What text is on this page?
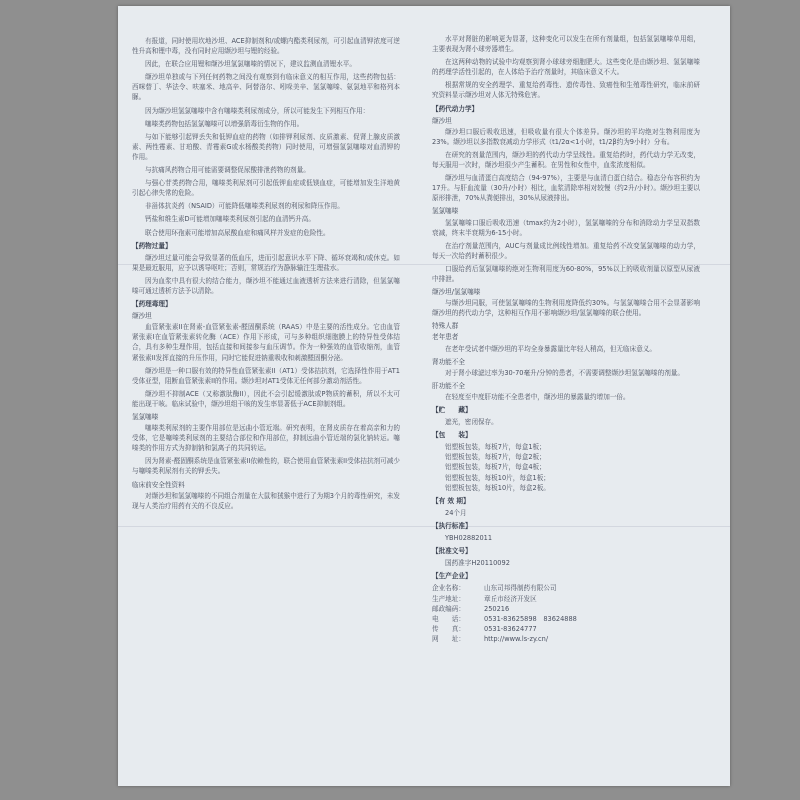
有报道，同时使用坎地沙坦、ACE抑制剂和/或螺内酯类利尿剂，可引起血清钾浓度可逆性升高和锂中毒，没有同时应用缬沙坦与锂的经验。

因此，在联合应用锂和缬沙坦氢氯噻嗪的情况下，建议监测血清锂水平。

缬沙坦单独或与下列任何药物之间没有观察到有临床意义的相互作用，这些药物包括：西咪替丁、华法令、呋塞米、地高辛、阿替洛尔、吲哚美辛、氢氯噻嗪、氨氯地平和格列本脲。

因为缬沙坦氢氯噻嗪中含有噻嗪类利尿剂成分，所以可能发生下列相互作用：

噻嗪类药物包括氢氯噻嗪可以增强箭毒衍生物的作用。

与如下能够引起钾丢失和低钾血症的药物（如排钾利尿剂、皮质激素、促肾上腺皮质激素、两性霉素、甘珀酸、青霉素G或水杨酸类药物）同时使用，可增强氢氯噻嗪对血清钾的作用。

与抗痛风药物合用可能需要调整促尿酸排泄药物的剂量。

与强心苷类药物合用，噻嗪类利尿剂可引起低钾血症或低镁血症，可能增加发生洋地黄引起心律失常的危险。

非甾体抗炎药（NSAID）可能降低噻嗪类利尿剂的利尿和降压作用。

钙盐和维生素D可能增加噻嗪类利尿剂引起的血清钙升高。

联合使用环孢素可能增加高尿酸血症和痛风样并发症的危险性。

【药物过量】

缬沙坦过量可能会导致显著的低血压，进而引起意识水平下降、循环衰竭和/或休克。如果是最近服用，应予以诱导呕吐；否则，常规治疗为静脉输注生理盐水。

因为血浆中具有很大的结合能力，缬沙坦不能通过血液透析方法来进行清除，但氢氯噻嗪可通过透析方法予以清除。

【药理毒理】

缬沙坦

血管紧张素II在肾素-血管紧张素-醛固酮系统（RAAS）中是主要的活性成分。它由血管紧张素I在血管紧张素转化酶（ACE）作用下形成，可与多种组织细胞膜上的特异性受体结合，具有多种生理作用，包括直接和间接参与血压调节。作为一种强效的血管收缩剂，血管紧张素II发挥直接的升压作用，同时它能促进钠重吸收和刺激醛固酮分泌。

缬沙坦是一种口服有效的特异性血管紧张素II（AT1）受体拮抗剂，它选择性作用于AT1受体亚型，阻断血管紧张素II的作用。缬沙坦对AT1受体无任何部分激动剂活性。

缬沙坦不抑制ACE（又称激肽酶II），因此不会引起缓激肽或P物质的蓄积，所以不太可能出现干咳。临床试验中，缬沙坦组干咳的发生率显著低于ACE抑制剂组。

氢氯噻嗪

噻嗪类利尿剂的主要作用部位是远曲小管近端。研究表明，在肾皮质存在着高亲和力的受体，它是噻嗪类利尿剂的主要结合部位和作用部位，抑制远曲小管近端的氯化钠转运。噻嗪类的作用方式为抑制钠和氯离子的共同转运。

因为肾素-醛固酮系统是血管紧张素II依赖性的，联合使用血管紧张素II受体拮抗剂可减少与噻嗪类利尿剂有关的钾丢失。

临床前安全性资料

对缬沙坦和氢氯噻嗪的不同组合剂量在大鼠和狨猴中进行了为期3个月的毒性研究，未发现与人类治疗用药有关的不良反应。

水平对肾脏的影响更为显著，这种变化可以发生在所有剂量组，包括氢氯噻嗪单用组，主要表现为肾小球旁器增生。

在这两种动物的试验中均观察到肾小球球旁细胞肥大。这些变化是由缬沙坦、氢氯噻嗪的药理学活性引起的，在人体给予治疗剂量时，其临床意义不大。

根据常规的安全药理学、重复给药毒性、遗传毒性、致癌性和生殖毒性研究，临床前研究资料显示缬沙坦对人体无特殊危害。

【药代动力学】

缬沙坦

缬沙坦口服后吸收迅速，但吸收量有很大个体差异。缬沙坦的平均绝对生物利用度为23%。缬沙坦以多指数衰减动力学形式（t1/2α<1小时，t1/2β约为9小时）分布。

在研究的剂量范围内，缬沙坦的药代动力学呈线性。重复给药时，药代动力学无改变，每天服用一次时，缬沙坦很少产生蓄积。在男性和女性中，血浆浓度相似。

缬沙坦与血清蛋白高度结合（94-97%），主要是与血清白蛋白结合。稳态分布容积约为17升。与肝血流量（30升/小时）相比，血浆清除率相对较慢（约2升/小时）。缬沙坦主要以原形排泄，70%从粪便排出，30%从尿液排出。

氢氯噻嗪

氢氯噻嗪口服后吸收迅速（tmax约为2小时），氢氯噻嗪的分布和消除动力学呈双指数衰减，终末半衰期为6-15小时。

在治疗剂量范围内，AUC与剂量成比例线性增加。重复给药不改变氢氯噻嗪的动力学，每天一次给药时蓄积很少。

口服给药后氢氯噻嗪的绝对生物利用度为60-80%，95%以上的吸收剂量以原型从尿液中排泄。

缬沙坦/氢氯噻嗪

与缬沙坦同服，可使氢氯噻嗪的生物利用度降低约30%。与氢氯噻嗪合用不会显著影响缬沙坦的药代动力学，这种相互作用不影响缬沙坦/氢氯噻嗪的联合使用。

特殊人群

老年患者

在老年受试者中缬沙坦的平均全身暴露量比年轻人稍高，但无临床意义。

肾功能不全

对于肾小球滤过率为30-70毫升/分钟的患者，不需要调整缬沙坦氢氯噻嗪的剂量。

肝功能不全

在轻度至中度肝功能不全患者中，缬沙坦的暴露量约增加一倍。

【贮　　藏】

遮光，密闭保存。

【包　　装】

铝塑板包装，每板7片，每盒1板；

铝塑板包装，每板7片，每盒2板；

铝塑板包装，每板7片，每盒4板；

铝塑板包装，每板10片，每盒1板；

铝塑板包装，每板10片，每盒2板。

【有 效 期】

24个月

【执行标准】

YBH02882011

【批准文号】

国药准字H20110092

【生产企业】

企业名称：	山东司邦得制药有限公司
生产地址：	章丘市经济开发区
邮政编码：	250216
电　　话：	0531-83625898　83624888
传　　真：	0531-83624777
网　　址：	http://www.ls-zy.cn/
